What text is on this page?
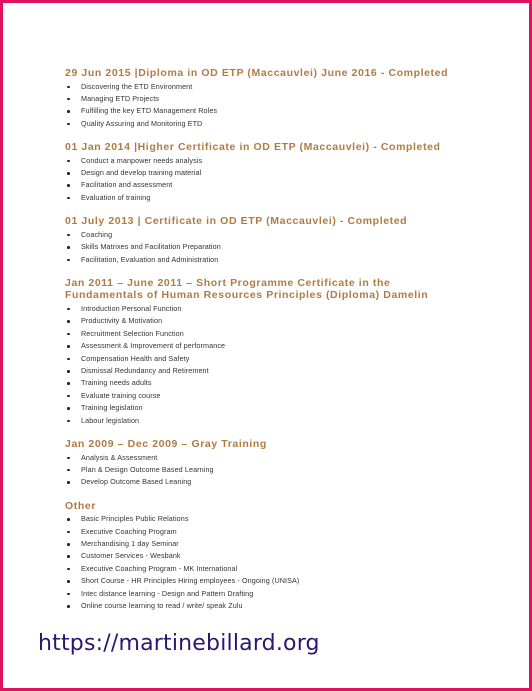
29 Jun 2015 |Diploma in OD ETP (Maccauvlei) June 2016 - Completed
Discovering the ETD Environment
Managing ETD Projects
Fulfilling the key ETD Management Roles
Quality Assuring and Monitoring ETD
01 Jan 2014 |Higher Certificate in OD ETP (Maccauvlei) - Completed
Conduct a manpower needs analysis
Design and develop training material
Facilitation and assessment
Evaluation of training
01 July 2013 | Certificate in OD ETP (Maccauvlei) - Completed
Coaching
Skills Matrixes and Facilitation Preparation
Facilitation, Evaluation and Administration
Jan 2011 – June 2011 – Short Programme Certificate in the Fundamentals of Human Resources Principles (Diploma) Damelin
Introduction Personal Function
Productivity & Motivation
Recruitment Selection Function
Assessment & Improvement of performance
Compensation Health and Safety
Dismissal Redundancy and Retirement
Training needs adults
Evaluate training course
Training legislation
Labour legislation
Jan 2009 – Dec 2009 – Gray Training
Analysis & Assessment
Plan & Design Outcome Based Learning
Develop Outcome Based Leaning
Other
Basic Principles Public Relations
Executive Coaching Program
Merchandising 1 day Seminar
Customer Services - Wesbank
Executive Coaching Program - MK International
Short Course - HR Principles Hiring employees - Ongoing (UNISA)
Intec distance learning - Design and Pattern Drafting
Online course learning to read / write/ speak Zulu
https://martinebillard.org
